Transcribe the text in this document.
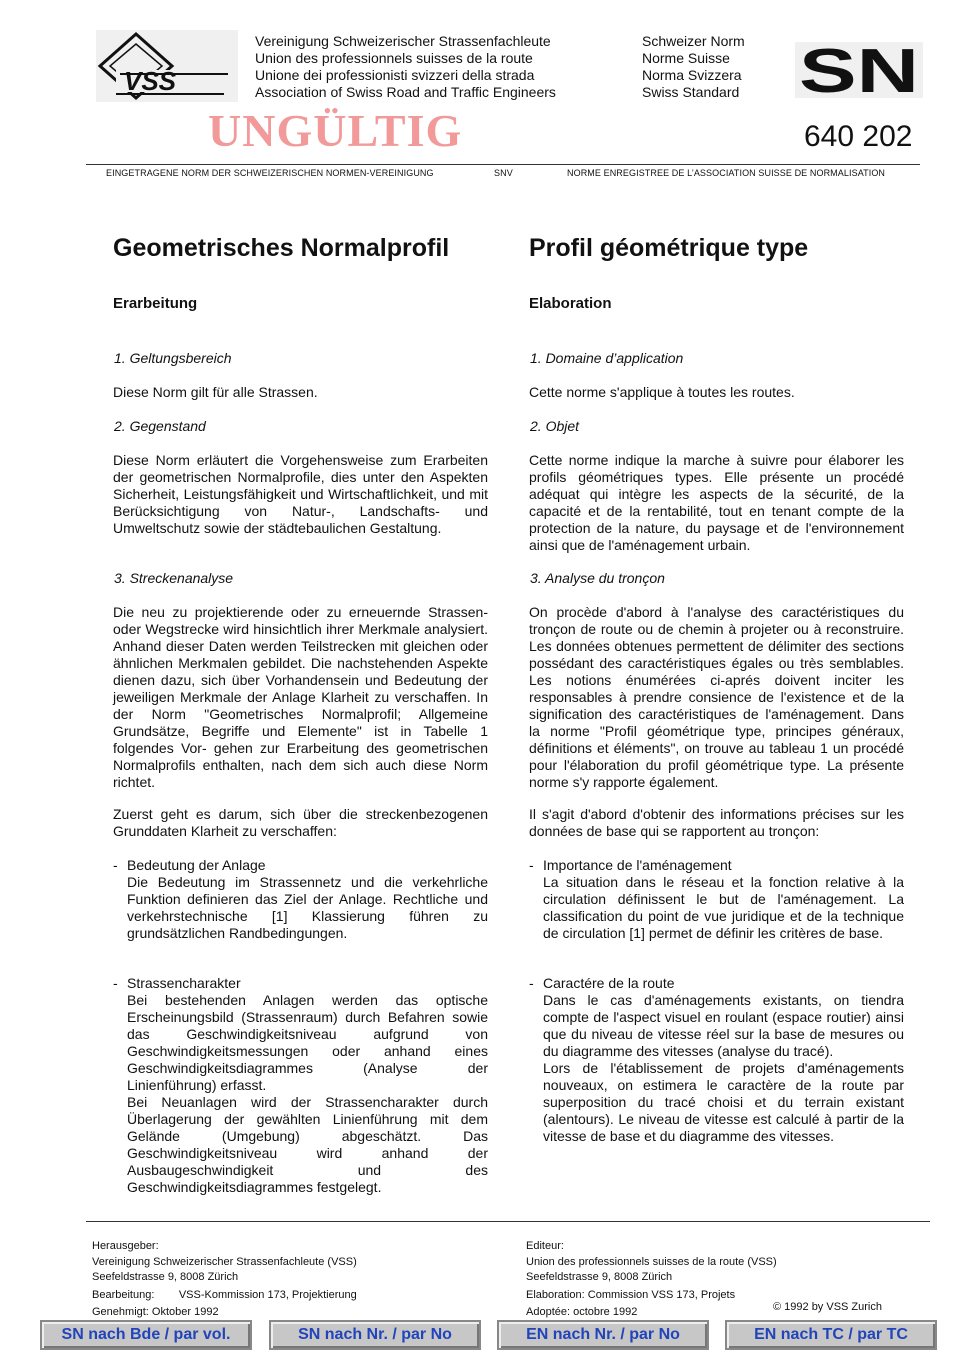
VSS
Vereinigung Schweizerischer Strassenfachleute
Union des professionnels suisses de la route
Unione dei professionisti svizzeri della strada
Association of Swiss Road and Traffic Engineers
Schweizer Norm
Norme Suisse
Norma Svizzera
Swiss Standard SN
UNGÜLTIG	640 202
EINGETRAGENE NORM DER SCHWEIZERISCHEN NORMEN-VEREINIGUNG	SNV	NORME ENREGISTREE DE L’ASSOCIATION SUISSE DE NORMALISATION
Geometrisches Normalprofil
Erarbeitung
1. Geltungsbereich
Diese Norm gilt für alle Strassen.
2. Gegenstand
Diese Norm erläutert die Vorgehensweise zum Erarbeiten der geometrischen Normalprofile, dies unter den Aspekten Sicherheit, Leistungsfähigkeit und Wirtschaftlichkeit, und mit Berücksichtigung von Natur-, Landschafts- und Umweltschutz sowie der städtebaulichen Gestaltung.
3. Streckenanalyse
Die neu zu projektierende oder zu erneuernde Strassen- oder Wegstrecke wird hinsichtlich ihrer Merkmale analysiert. Anhand dieser Daten werden Teilstrecken mit gleichen oder ähnlichen Merkmalen gebildet. Die nachstehenden Aspekte dienen dazu, sich über Vorhandensein und Bedeutung der jeweiligen Merkmale der Anlage Klarheit zu verschaffen. In der Norm "Geometrisches Normalprofil; Allgemeine Grundsätze, Begriffe und Elemente" ist in Tabelle 1 folgendes Vor- gehen zur Erarbeitung des geometrischen Normalprofils enthalten, nach dem sich auch diese Norm richtet.
Zuerst geht es darum, sich über die streckenbezogenen Grunddaten Klarheit zu verschaffen:
- Bedeutung der Anlage

Die Bedeutung im Strassennetz und die verkehrliche Funktion definieren das Ziel der Anlage. Rechtliche und verkehrstechnische [1] Klassierung führen zu grundsätzlichen Randbedingungen.

- Strassencharakter

Bei bestehenden Anlagen werden das optische Erscheinungsbild (Strassenraum) durch Befahren sowie das Geschwindigkeitsniveau aufgrund von Geschwindigkeitsmessungen oder anhand eines Geschwindigkeitsdiagrammes (Analyse der Linienführung) erfasst.

Bei Neuanlagen wird der Strassencharakter durch Überlagerung der gewählten Linienführung mit dem Gelände (Umgebung) abgeschätzt. Das Geschwindigkeitsniveau wird anhand der Ausbaugeschwindigkeit und des Geschwindigkeitsdiagrammes festgelegt.

Profil géométrique type
Elaboration
1. Domaine d’application
Cette norme s'applique à toutes les routes.
2. Objet
Cette norme indique la marche à suivre pour élaborer les profils géométriques types. Elle présente un procédé adéquat qui intègre les aspects de la sécurité, de la capacité et de la rentabilité, tout en tenant compte de la protection de la nature, du paysage et de l'environnement ainsi que de l'aménagement urbain.
3. Analyse du tronçon
On procède d'abord à l'analyse des caractéristiques du tronçon de route ou de chemin à projeter ou à reconstruire. Les données obtenues permettent de délimiter des sections possédant des caractéristiques égales ou très semblables. Les notions énumérées ci-aprés doivent inciter les responsables à prendre consience de l'existence et de la signification des caractéristiques de l'aménagement. Dans la norme "Profil géométrique type, principes généraux, définitions et éléments", on trouve au tableau 1 un procédé pour l'élaboration du profil géométrique type. La présente norme s'y rapporte également.
Il s'agit d'abord d'obtenir des informations précises sur les données de base qui se rapportent au tronçon:
- Importance de l'aménagement

La situation dans le réseau et la fonction relative à la circulation définissent le but de l'aménagement. La classification du point de vue juridique et de la technique de circulation [1] permet de définir les critères de base.

- Caractére de la route

Dans le cas d'aménagements existants, on tiendra compte de l'aspect visuel en roulant (espace routier) ainsi que du niveau de vitesse réel sur la base de mesures ou du diagramme des vitesses (analyse du tracé).

Lors de l'établissement de projets d'aménagements nouveaux, on estimera le caractère de la route par superposition du tracé choisi et du terrain existant (alentours). Le niveau de vitesse est calculé à partir de la vitesse de base et du diagramme des vitesses.

Herausgeber:
Vereinigung Schweizerischer Strassenfachleute (VSS)
Seefeldstrasse 9, 8008 Zürich
Bearbeitung:        VSS-Kommission 173, Projektierung
Genehmigt: Oktober 1992
Editeur:
Union des professionnels suisses de la route (VSS)
Seefeldstrasse 9, 8008 Zürich
Elaboration: Commission VSS 173, Projets
Adoptée: octobre 1992	© 1992 by VSS Zurich
SN nach Bde / par vol.	SN nach Nr. / par No	EN nach Nr. / par No	EN nach TC / par TC
